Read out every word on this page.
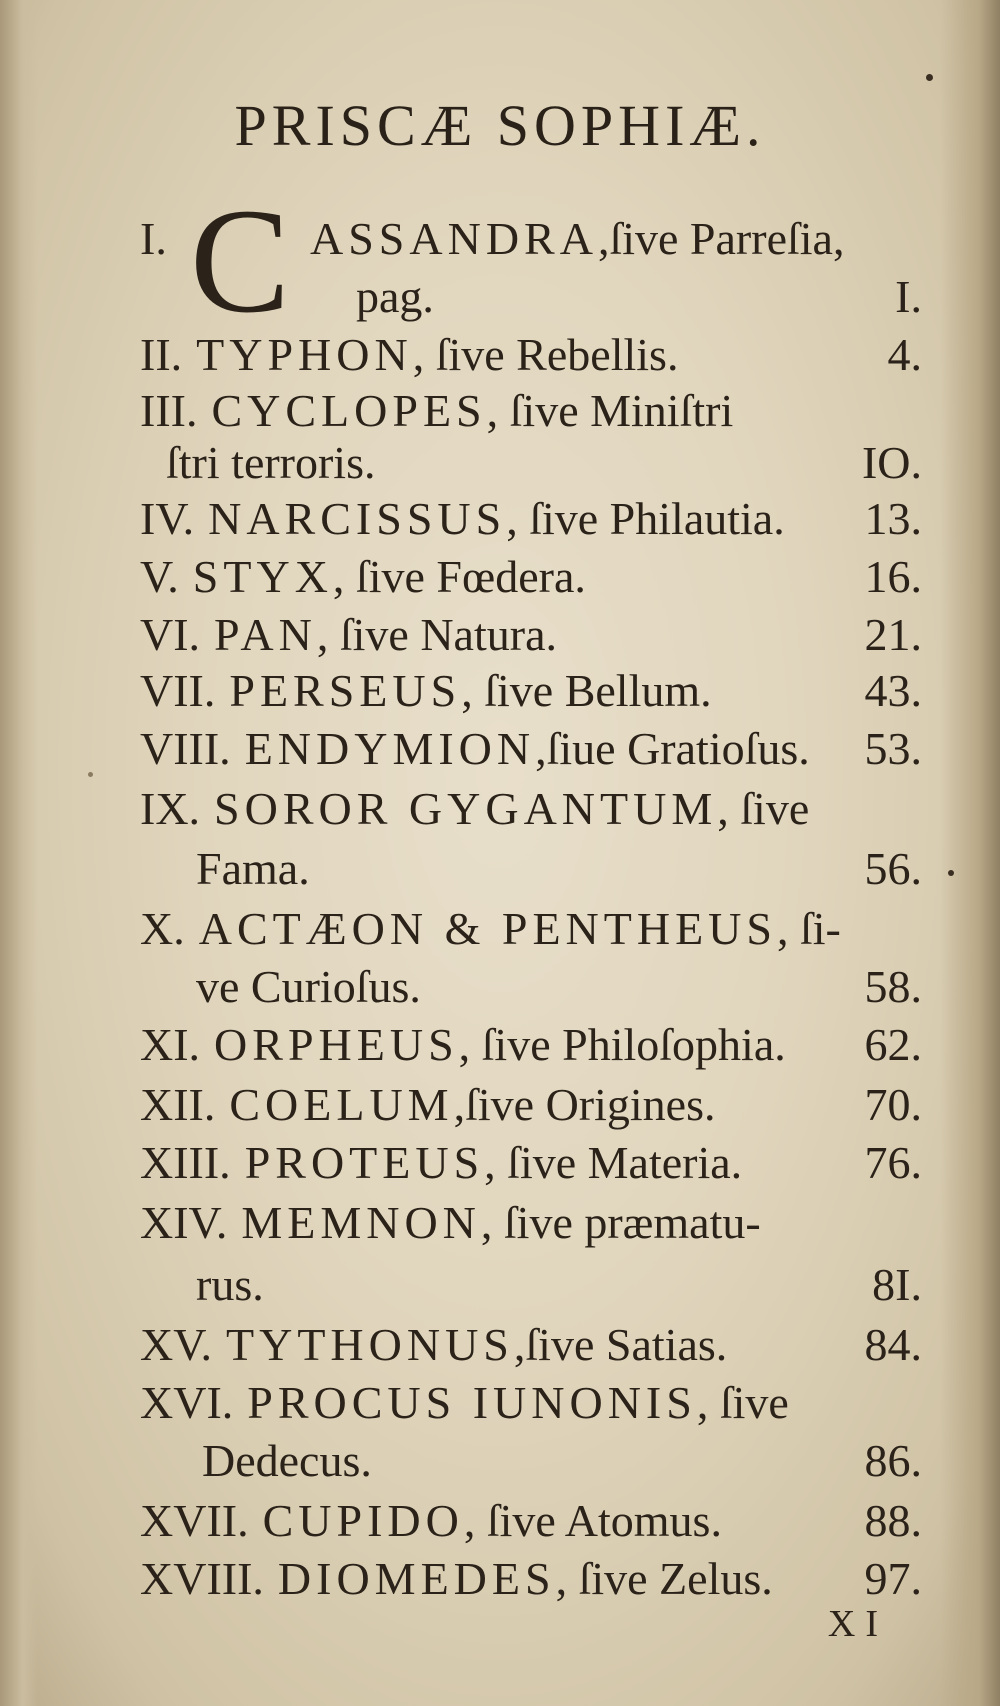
PRISCÆ SOPHIÆ.
I. C ASSANDRA,ſive Parreſia,
pag.	I.
II. TYPHON, ſive Rebellis.	4.
III. CYCLOPES, ſive Miniſtri
ſtri terroris.	IO.
IV. NARCISSUS, ſive Philautia. 13.
V. STYX, ſive Fœdera.	16.
VI. PAN, ſive Natura.	21.
VII. PERSEUS, ſive Bellum.	43.
VIII. ENDYMION,ſiue Gratioſus. 53.
IX. SOROR GYGANTUM, ſive
Fama.	56.
X. ACTÆON & PENTHEUS, ſi-
ve Curioſus.	58.
XI. ORPHEUS, ſive Philoſophia. 62.
XII. COELUM,ſive Origines.	70.
XIII. PROTEUS, ſive Materia.	76.
XIV. MEMNON, ſive præmatu-
rus.	8I.
XV. TYTHONUS,ſive Satias.	84.
XVI. PROCUS IUNONIS, ſive
Dedecus.	86.
XVII. CUPIDO, ſive Atomus.	88.
XVIII. DIOMEDES, ſive Zelus. 97.
XI
